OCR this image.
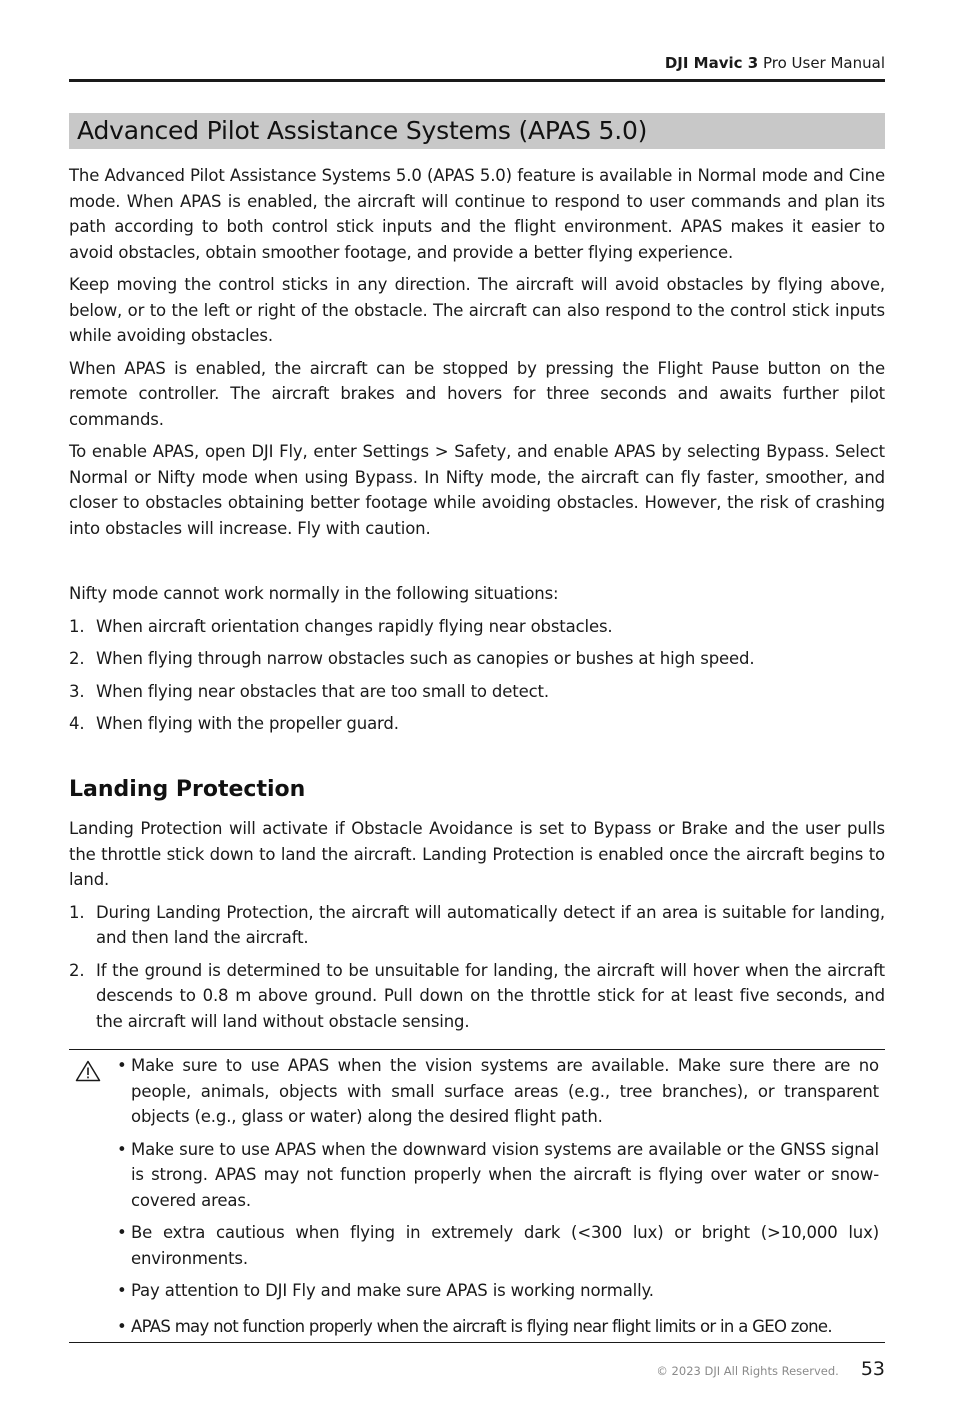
DJI Mavic 3 Pro User Manual
Advanced Pilot Assistance Systems (APAS 5.0)

The Advanced Pilot Assistance Systems 5.0 (APAS 5.0) feature is available in Normal mode and Cine mode. When APAS is enabled, the aircraft will continue to respond to user commands and plan its path according to both control stick inputs and the flight environment. APAS makes it easier to avoid obstacles, obtain smoother footage, and provide a better flying experience.

Keep moving the control sticks in any direction. The aircraft will avoid obstacles by flying above, below, or to the left or right of the obstacle. The aircraft can also respond to the control stick inputs while avoiding obstacles.

When APAS is enabled, the aircraft can be stopped by pressing the Flight Pause button on the remote controller. The aircraft brakes and hovers for three seconds and awaits further pilot commands.

To enable APAS, open DJI Fly, enter Settings > Safety, and enable APAS by selecting Bypass. Select Normal or Nifty mode when using Bypass. In Nifty mode, the aircraft can fly faster, smoother, and closer to obstacles obtaining better footage while avoiding obstacles. However, the risk of crashing into obstacles will increase. Fly with caution.

Nifty mode cannot work normally in the following situations:

1. When aircraft orientation changes rapidly flying near obstacles.
2. When flying through narrow obstacles such as canopies or bushes at high speed.
3. When flying near obstacles that are too small to detect.
4. When flying with the propeller guard.
Landing Protection

Landing Protection will activate if Obstacle Avoidance is set to Bypass or Brake and the user pulls the throttle stick down to land the aircraft. Landing Protection is enabled once the aircraft begins to land.

1. During Landing Protection, the aircraft will automatically detect if an area is suitable for landing, and then land the aircraft.
2. If the ground is determined to be unsuitable for landing, the aircraft will hover when the aircraft descends to 0.8 m above ground. Pull down on the throttle stick for at least five seconds, and the aircraft will land without obstacle sensing.
• Make sure to use APAS when the vision systems are available. Make sure there are no people, animals, objects with small surface areas (e.g., tree branches), or transparent objects (e.g., glass or water) along the desired flight path.
• Make sure to use APAS when the downward vision systems are available or the GNSS signal is strong. APAS may not function properly when the aircraft is flying over water or snow-covered areas.
• Be extra cautious when flying in extremely dark (<300 lux) or bright (>10,000 lux) environments.
• Pay attention to DJI Fly and make sure APAS is working normally.
• APAS may not function properly when the aircraft is flying near flight limits or in a GEO zone.
© 2023 DJI All Rights Reserved. 53
